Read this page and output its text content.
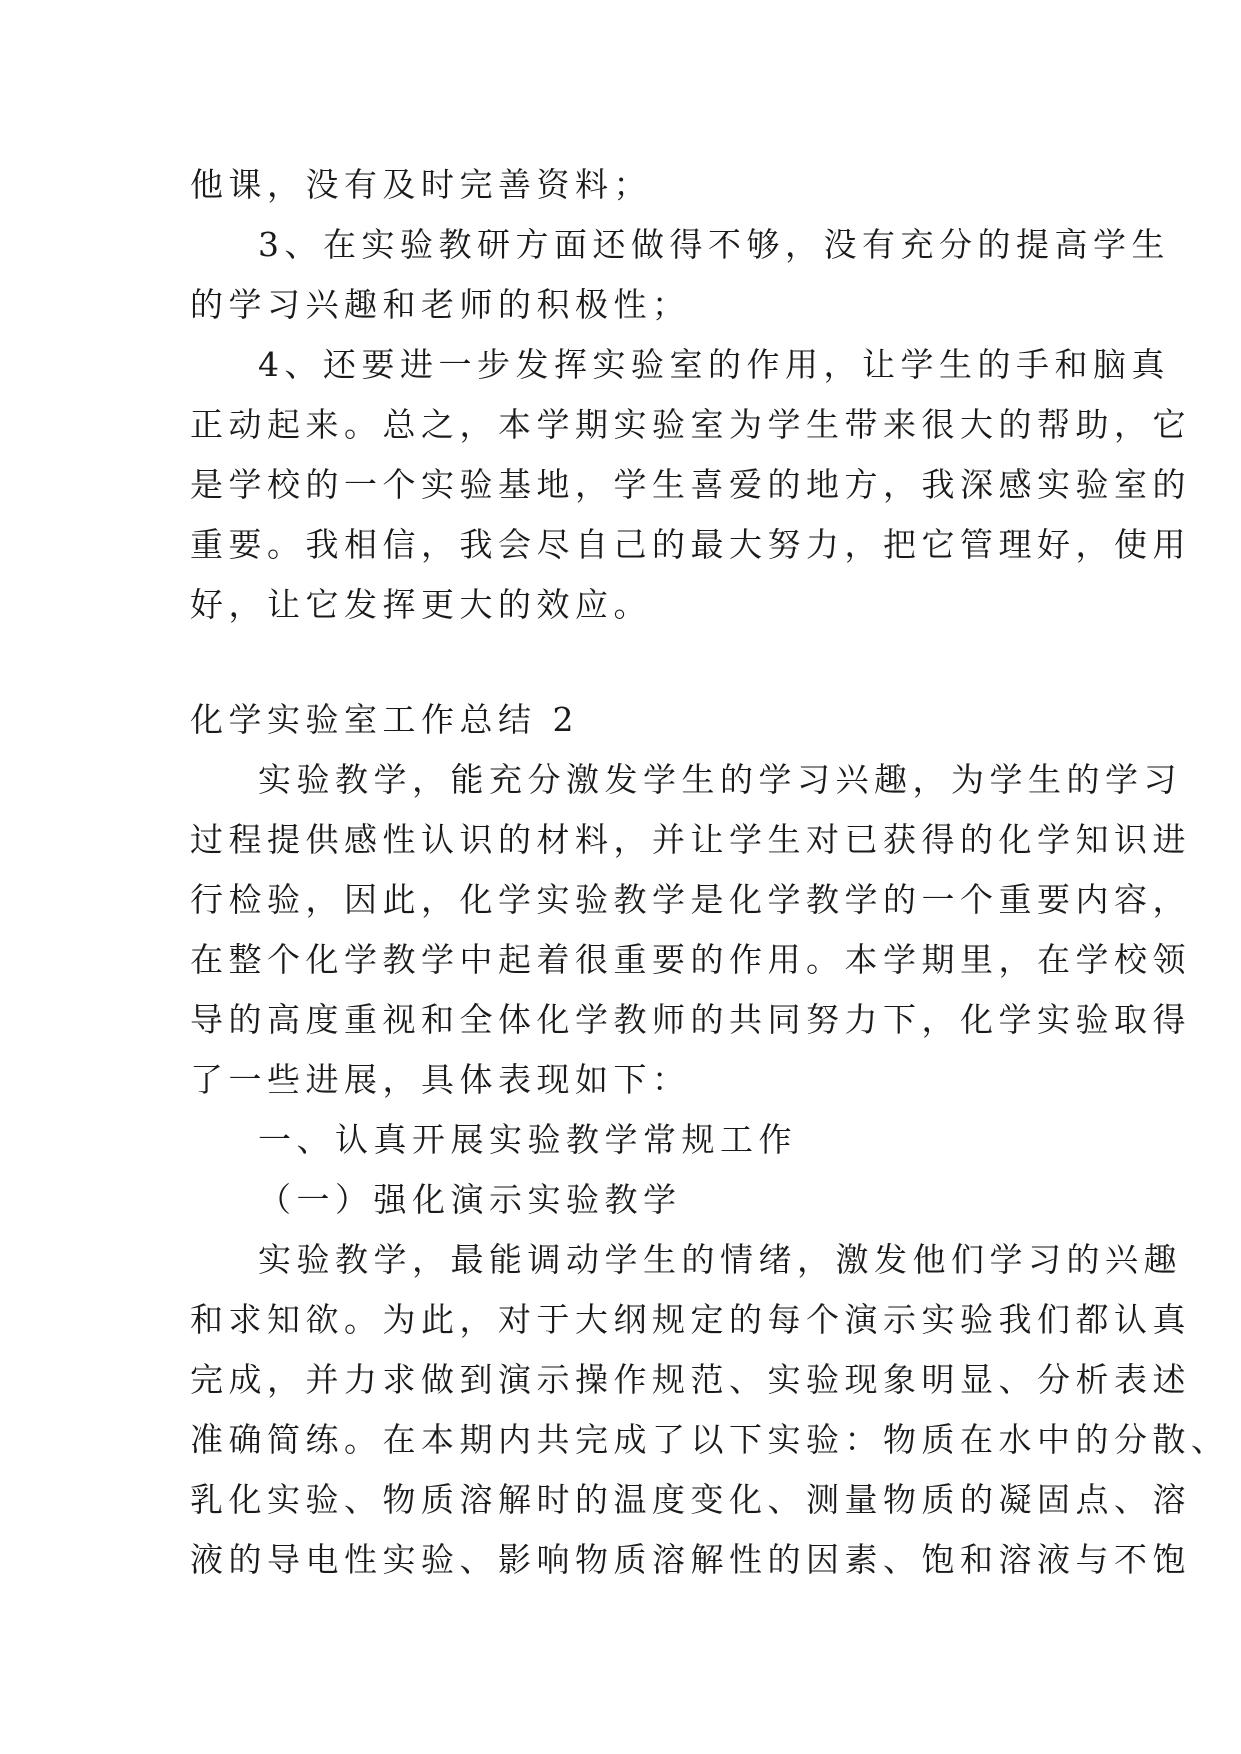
他课，没有及时完善资料；
3、在实验教研方面还做得不够，没有充分的提高学生
的学习兴趣和老师的积极性；
4、还要进一步发挥实验室的作用，让学生的手和脑真
正动起来。总之，本学期实验室为学生带来很大的帮助，它
是学校的一个实验基地，学生喜爱的地方，我深感实验室的
重要。我相信，我会尽自己的最大努力，把它管理好，使用
好，让它发挥更大的效应。
化学实验室工作总结 2
实验教学，能充分激发学生的学习兴趣，为学生的学习
过程提供感性认识的材料，并让学生对已获得的化学知识进
行检验，因此，化学实验教学是化学教学的一个重要内容，
在整个化学教学中起着很重要的作用。本学期里，在学校领
导的高度重视和全体化学教师的共同努力下，化学实验取得
了一些进展，具体表现如下：
一、认真开展实验教学常规工作
（一）强化演示实验教学
实验教学，最能调动学生的情绪，激发他们学习的兴趣
和求知欲。为此，对于大纲规定的每个演示实验我们都认真
完成，并力求做到演示操作规范、实验现象明显、分析表述
准确简练。在本期内共完成了以下实验：物质在水中的分散、
乳化实验、物质溶解时的温度变化、测量物质的凝固点、溶
液的导电性实验、影响物质溶解性的因素、饱和溶液与不饱
